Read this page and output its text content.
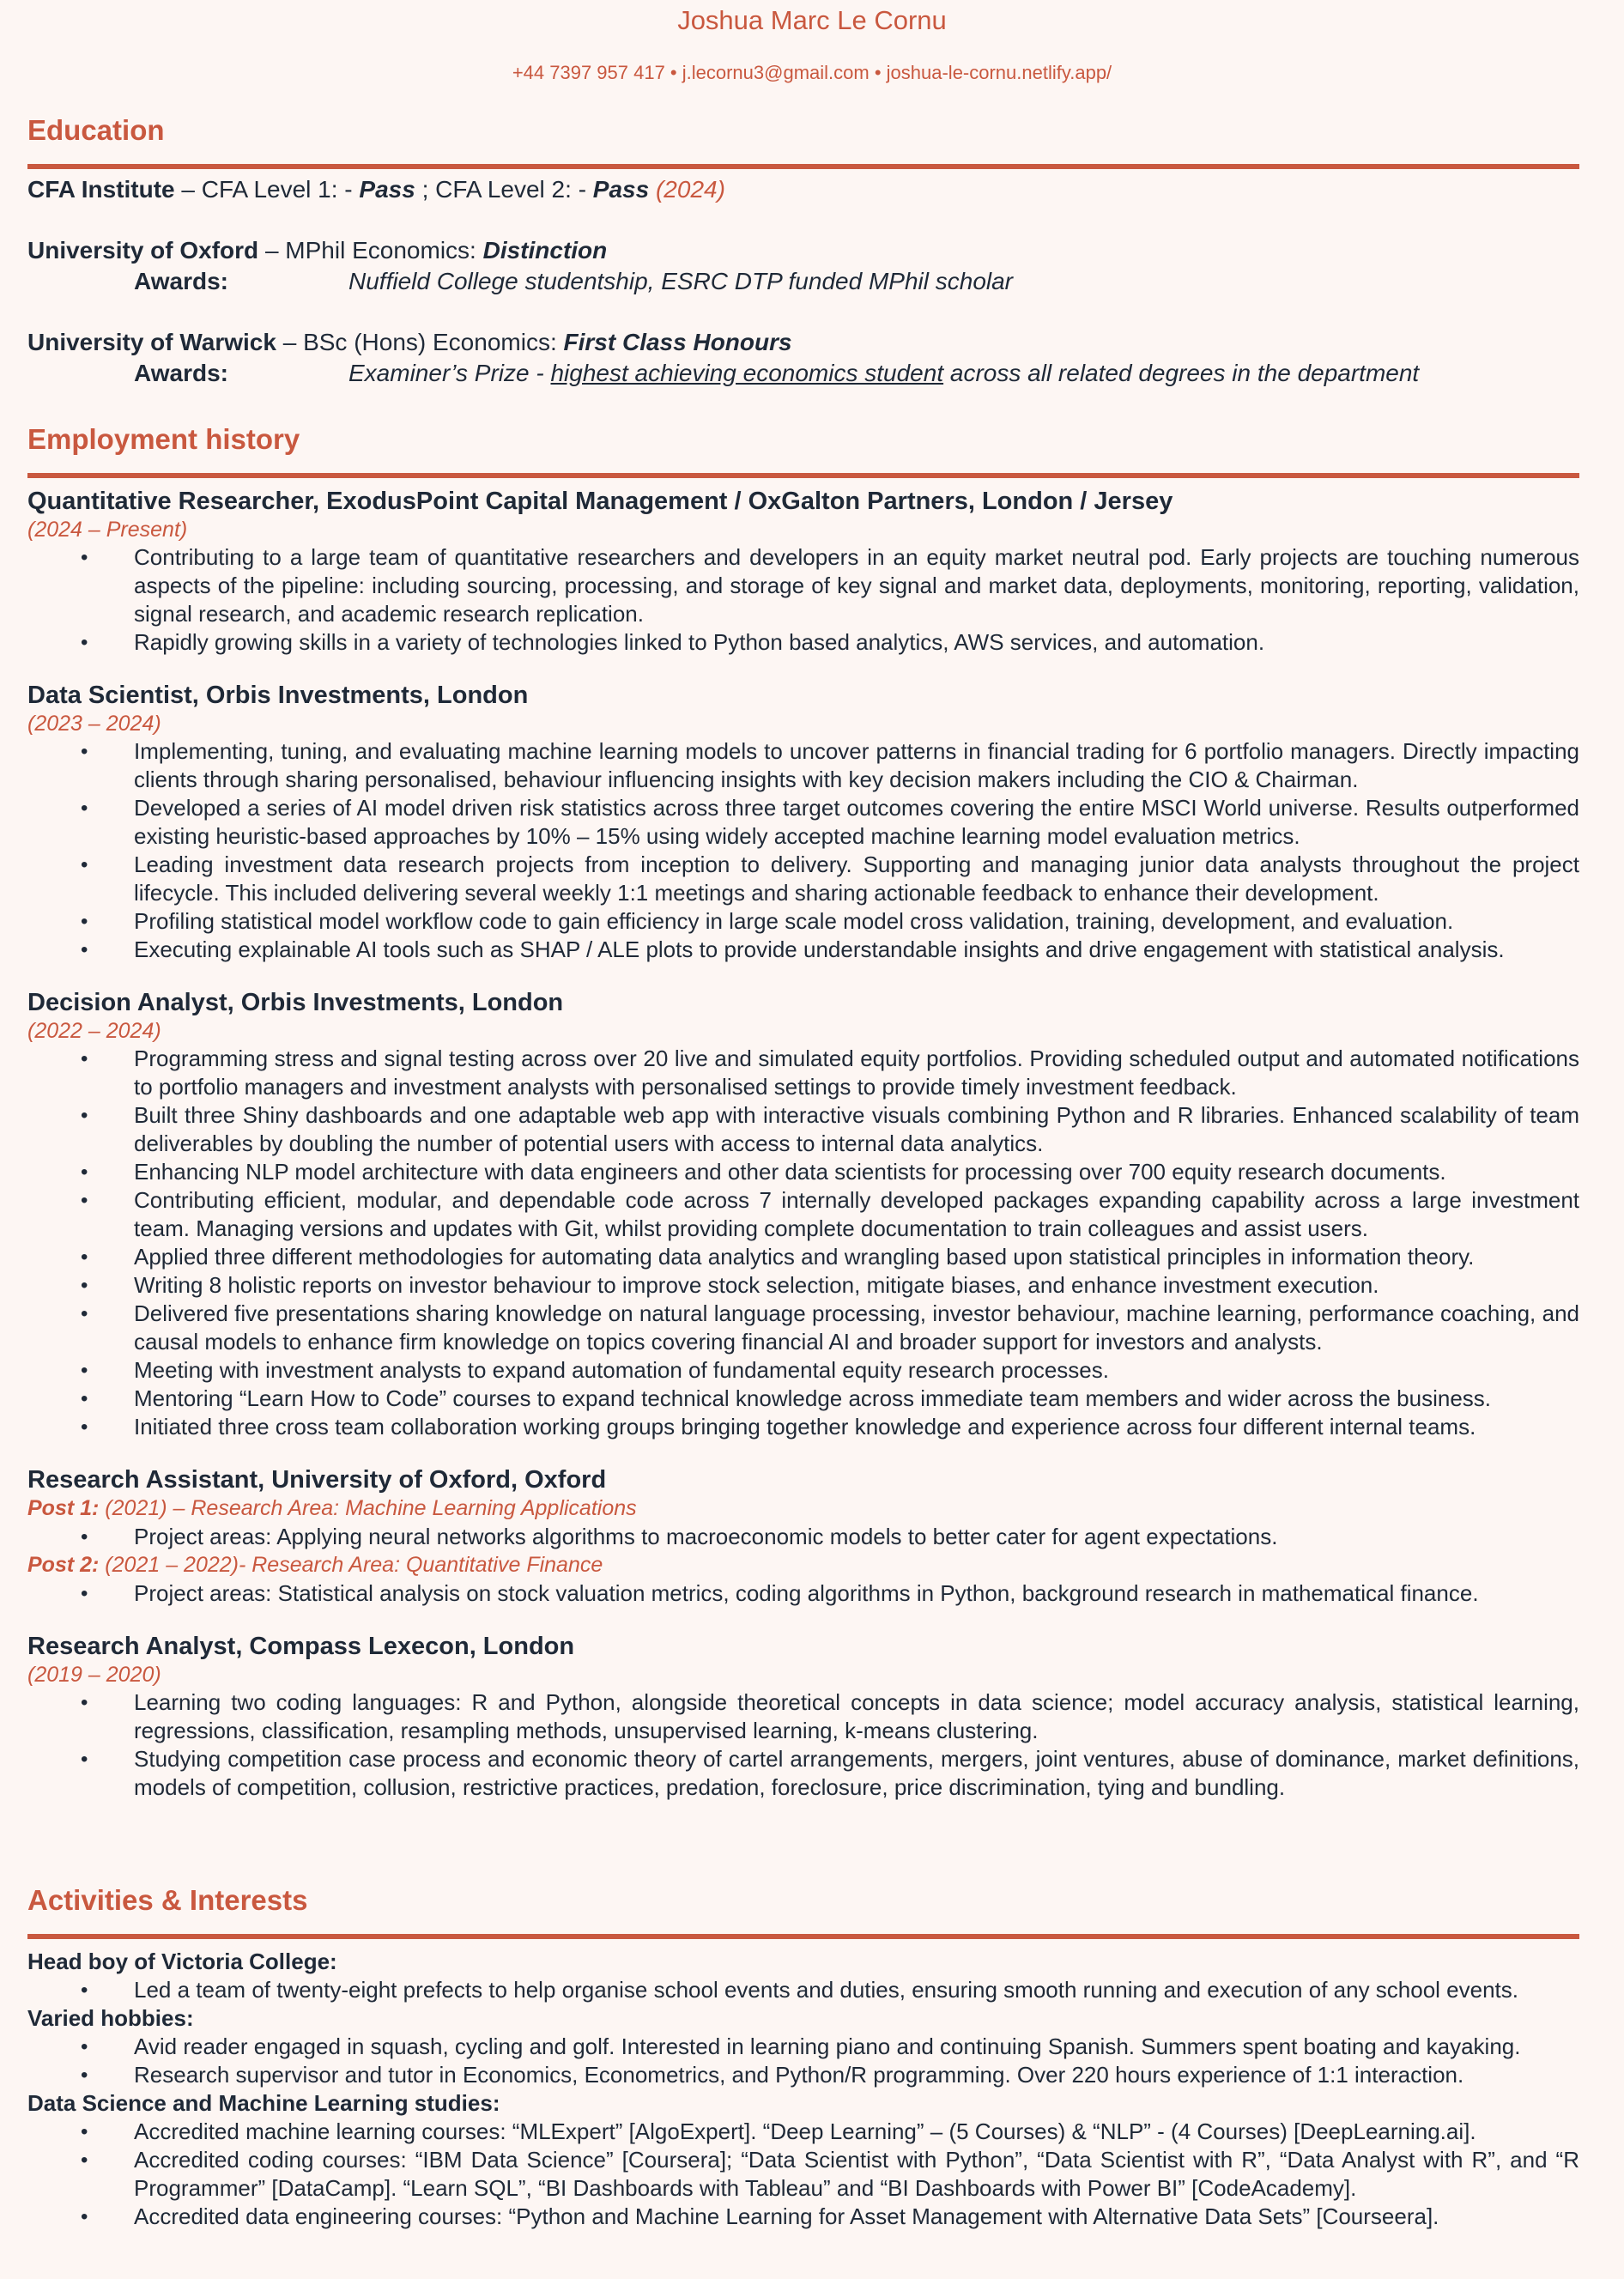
Joshua Marc Le Cornu
+44 7397 957 417 • j.lecornu3@gmail.com • joshua-le-cornu.netlify.app/
Education
CFA Institute – CFA Level 1: - Pass ; CFA Level 2: - Pass (2024)
University of Oxford – MPhil Economics: Distinction
Awards:	Nuffield College studentship, ESRC DTP funded MPhil scholar
University of Warwick – BSc (Hons) Economics: First Class Honours
Awards:	Examiner’s Prize - highest achieving economics student across all related degrees in the department
Employment history
Quantitative Researcher, ExodusPoint Capital Management / OxGalton Partners, London / Jersey
(2024 – Present)
• Contributing to a large team of quantitative researchers and developers in an equity market neutral pod. Early projects are touching numerous aspects of the pipeline: including sourcing, processing, and storage of key signal and market data, deployments, monitoring, reporting, validation, signal research, and academic research replication.
• Rapidly growing skills in a variety of technologies linked to Python based analytics, AWS services, and automation.
Data Scientist, Orbis Investments, London
(2023 – 2024)
• Implementing, tuning, and evaluating machine learning models to uncover patterns in financial trading for 6 portfolio managers. Directly impacting clients through sharing personalised, behaviour influencing insights with key decision makers including the CIO & Chairman.
• Developed a series of AI model driven risk statistics across three target outcomes covering the entire MSCI World universe. Results outperformed existing heuristic-based approaches by 10% – 15% using widely accepted machine learning model evaluation metrics.
• Leading investment data research projects from inception to delivery. Supporting and managing junior data analysts throughout the project lifecycle. This included delivering several weekly 1:1 meetings and sharing actionable feedback to enhance their development.
• Profiling statistical model workflow code to gain efficiency in large scale model cross validation, training, development, and evaluation.
• Executing explainable AI tools such as SHAP / ALE plots to provide understandable insights and drive engagement with statistical analysis.
Decision Analyst, Orbis Investments, London
(2022 – 2024)
• Programming stress and signal testing across over 20 live and simulated equity portfolios. Providing scheduled output and automated notifications to portfolio managers and investment analysts with personalised settings to provide timely investment feedback.
• Built three Shiny dashboards and one adaptable web app with interactive visuals combining Python and R libraries. Enhanced scalability of team deliverables by doubling the number of potential users with access to internal data analytics.
• Enhancing NLP model architecture with data engineers and other data scientists for processing over 700 equity research documents.
• Contributing efficient, modular, and dependable code across 7 internally developed packages expanding capability across a large investment team. Managing versions and updates with Git, whilst providing complete documentation to train colleagues and assist users.
• Applied three different methodologies for automating data analytics and wrangling based upon statistical principles in information theory.
• Writing 8 holistic reports on investor behaviour to improve stock selection, mitigate biases, and enhance investment execution.
• Delivered five presentations sharing knowledge on natural language processing, investor behaviour, machine learning, performance coaching, and causal models to enhance firm knowledge on topics covering financial AI and broader support for investors and analysts.
• Meeting with investment analysts to expand automation of fundamental equity research processes.
• Mentoring “Learn How to Code” courses to expand technical knowledge across immediate team members and wider across the business.
• Initiated three cross team collaboration working groups bringing together knowledge and experience across four different internal teams.
Research Assistant, University of Oxford, Oxford
Post 1: (2021) – Research Area: Machine Learning Applications
• Project areas: Applying neural networks algorithms to macroeconomic models to better cater for agent expectations.
Post 2: (2021 – 2022)- Research Area: Quantitative Finance
• Project areas: Statistical analysis on stock valuation metrics, coding algorithms in Python, background research in mathematical finance.
Research Analyst, Compass Lexecon, London
(2019 – 2020)
• Learning two coding languages: R and Python, alongside theoretical concepts in data science; model accuracy analysis, statistical learning, regressions, classification, resampling methods, unsupervised learning, k-means clustering.
• Studying competition case process and economic theory of cartel arrangements, mergers, joint ventures, abuse of dominance, market definitions, models of competition, collusion, restrictive practices, predation, foreclosure, price discrimination, tying and bundling.
Activities & Interests
Head boy of Victoria College:
• Led a team of twenty-eight prefects to help organise school events and duties, ensuring smooth running and execution of any school events.
Varied hobbies:
• Avid reader engaged in squash, cycling and golf. Interested in learning piano and continuing Spanish. Summers spent boating and kayaking.
• Research supervisor and tutor in Economics, Econometrics, and Python/R programming. Over 220 hours experience of 1:1 interaction.
Data Science and Machine Learning studies:
• Accredited machine learning courses: “MLExpert” [AlgoExpert]. “Deep Learning” – (5 Courses) & “NLP” - (4 Courses) [DeepLearning.ai].
• Accredited coding courses: “IBM Data Science” [Coursera]; “Data Scientist with Python”, “Data Scientist with R”, “Data Analyst with R”, and “R Programmer” [DataCamp]. “Learn SQL”, “BI Dashboards with Tableau” and “BI Dashboards with Power BI” [CodeAcademy].
• Accredited data engineering courses: “Python and Machine Learning for Asset Management with Alternative Data Sets” [Courseera].
